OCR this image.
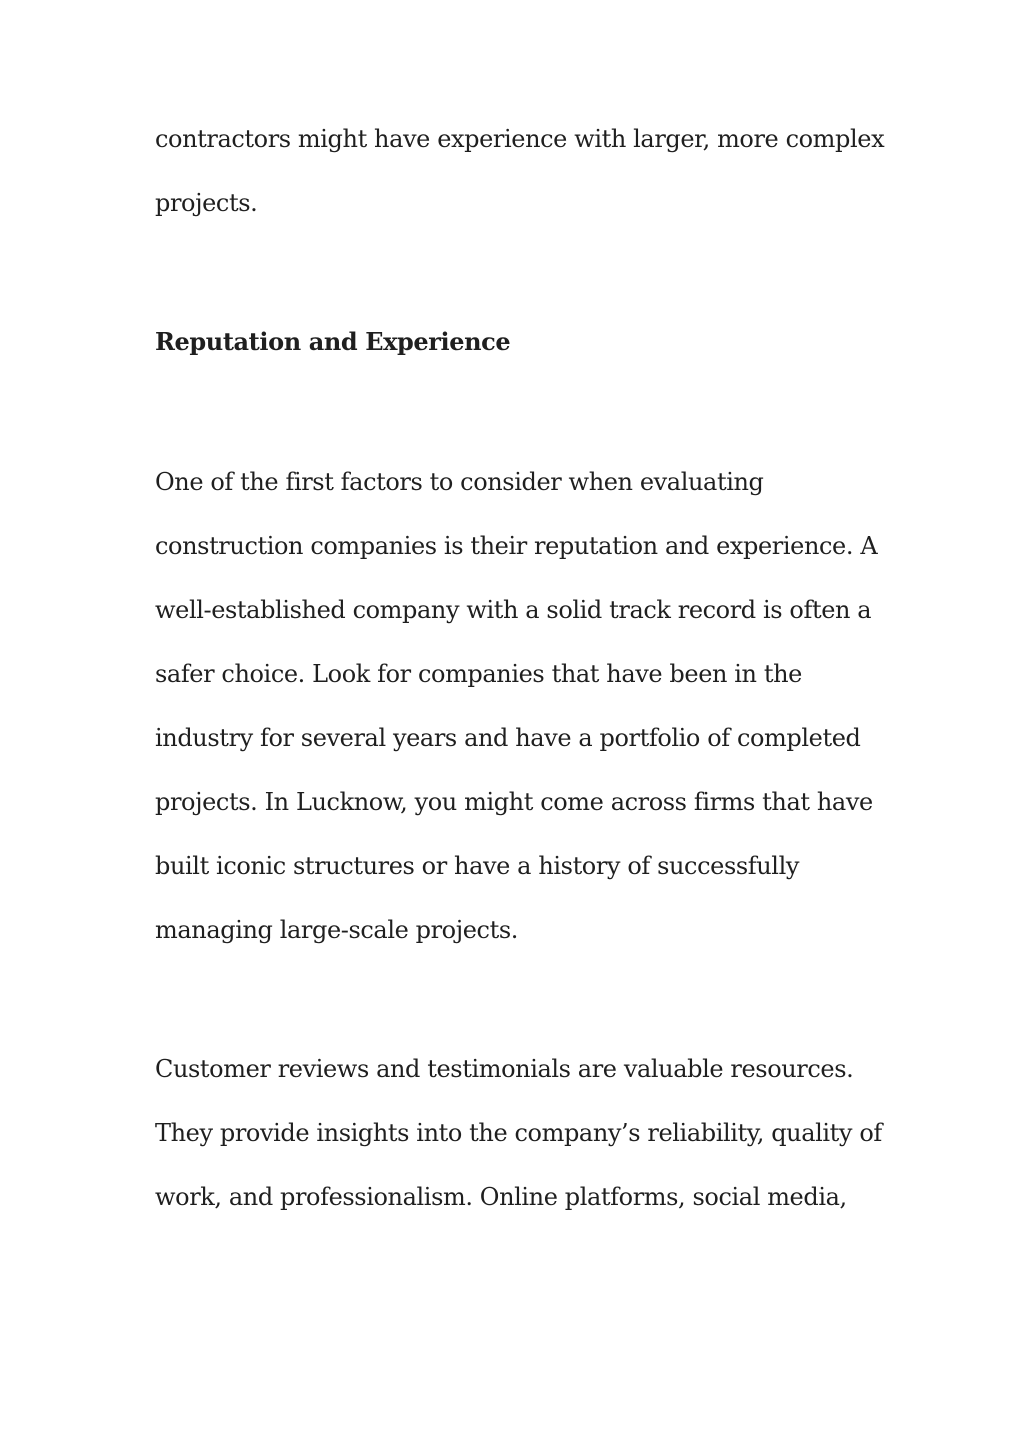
contractors might have experience with larger, more complex
projects.
Reputation and Experience
One of the first factors to consider when evaluating
construction companies is their reputation and experience. A
well-established company with a solid track record is often a
safer choice. Look for companies that have been in the
industry for several years and have a portfolio of completed
projects. In Lucknow, you might come across firms that have
built iconic structures or have a history of successfully
managing large-scale projects.
Customer reviews and testimonials are valuable resources.
They provide insights into the company’s reliability, quality of
work, and professionalism. Online platforms, social media,
